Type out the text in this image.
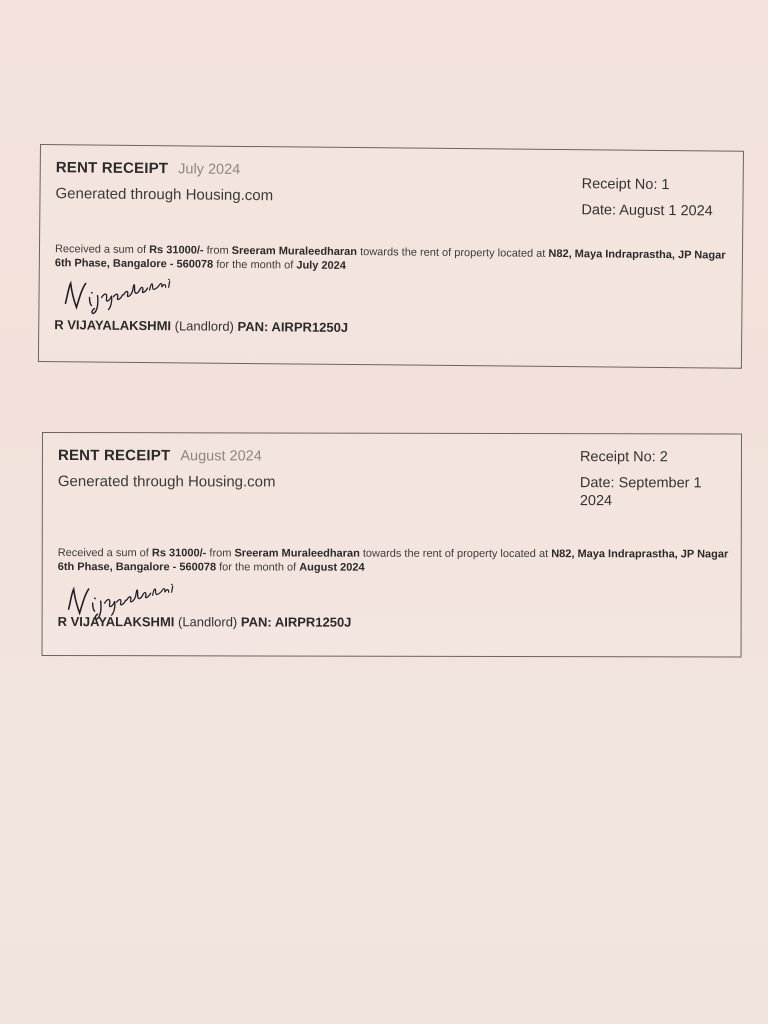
RENT RECEIPT July 2024
Generated through Housing.com
Receipt No: 1
Date: August 1 2024
Received a sum of Rs 31000/- from Sreeram Muraleedharan towards the rent of property located at N82, Maya Indraprastha, JP Nagar 6th Phase, Bangalore - 560078 for the month of July 2024
R VIJAYALAKSHMI (Landlord) PAN: AIRPR1250J
RENT RECEIPT August 2024
Generated through Housing.com
Receipt No: 2
Date: September 1 2024
Received a sum of Rs 31000/- from Sreeram Muraleedharan towards the rent of property located at N82, Maya Indraprastha, JP Nagar 6th Phase, Bangalore - 560078 for the month of August 2024
R VIJAYALAKSHMI (Landlord) PAN: AIRPR1250J
